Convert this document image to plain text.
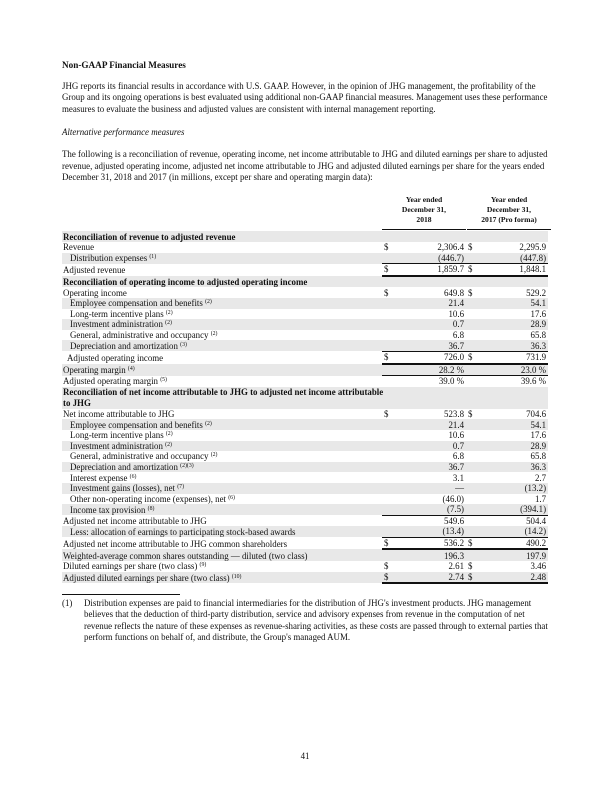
Non-GAAP Financial Measures

JHG reports its financial results in accordance with U.S. GAAP. However, in the opinion of JHG management, the profitability of the Group and its ongoing operations is best evaluated using additional non-GAAP financial measures. Management uses these performance measures to evaluate the business and adjusted values are consistent with internal management reporting.

Alternative performance measures

The following is a reconciliation of revenue, operating income, net income attributable to JHG and diluted earnings per share to adjusted revenue, adjusted operating income, adjusted net income attributable to JHG and adjusted diluted earnings per share for the years ended December 31, 2018 and 2017 (in millions, except per share and operating margin data):

Year ended
December 31,
2018
Year ended
December 31,
2017 (Pro forma)
Reconciliation of revenue to adjusted revenue				
Revenue	$	2,306.4	$	2,295.9
Distribution expenses $^{(1)}$		(446.7)		(447.8)
Adjusted revenue	$	1,859.7	$	1,848.1
Reconciliation of operating income to adjusted operating income				
Operating income	$	649.8	$	529.2
Employee compensation and benefits $^{(2)}$		21.4		54.1
Long-term incentive plans $^{(2)}$		10.6		17.6
Investment administration $^{(2)}$		0.7		28.9
General, administrative and occupancy $^{(2)}$		6.8		65.8
Depreciation and amortization $^{(3)}$		36.7		36.3
Adjusted operating income	$	726.0	$	731.9
Operating margin $^{(4)}$		28.2 %		23.0 %
Adjusted operating margin $^{(5)}$		39.0 %		39.6 %
Reconciliation of net income attributable to JHG to adjusted net income attributable to JHG				
Net income attributable to JHG	$	523.8	$	704.6
Employee compensation and benefits $^{(2)}$		21.4		54.1
Long-term incentive plans $^{(2)}$		10.6		17.6
Investment administration $^{(2)}$		0.7		28.9
General, administrative and occupancy $^{(2)}$		6.8		65.8
Depreciation and amortization $^{(2)(3)}$		36.7		36.3
Interest expense $^{(6)}$		3.1		2.7
Investment gains (losses), net $^{(7)}$		—		(13.2)
Other non-operating income (expenses), net $^{(6)}$		(46.0)		1.7
Income tax provision $^{(8)}$		(7.5)		(394.1)
Adjusted net income attributable to JHG		549.6		504.4
Less: allocation of earnings to participating stock-based awards		(13.4)		(14.2)
Adjusted net income attributable to JHG common shareholders	$	536.2	$	490.2
Weighted-average common shares outstanding — diluted (two class)		196.3		197.9
Diluted earnings per share (two class) $^{(9)}$	$	2.61	$	3.46
Adjusted diluted earnings per share (two class) $^{(10)}$	$	2.74	$	2.48
(1)	Distribution expenses are paid to financial intermediaries for the distribution of JHG's investment products. JHG management believes that the deduction of third-party distribution, service and advisory expenses from revenue in the computation of net revenue reflects the nature of these expenses as revenue-sharing activities, as these costs are passed through to external parties that perform functions on behalf of, and distribute, the Group's managed AUM.
41
